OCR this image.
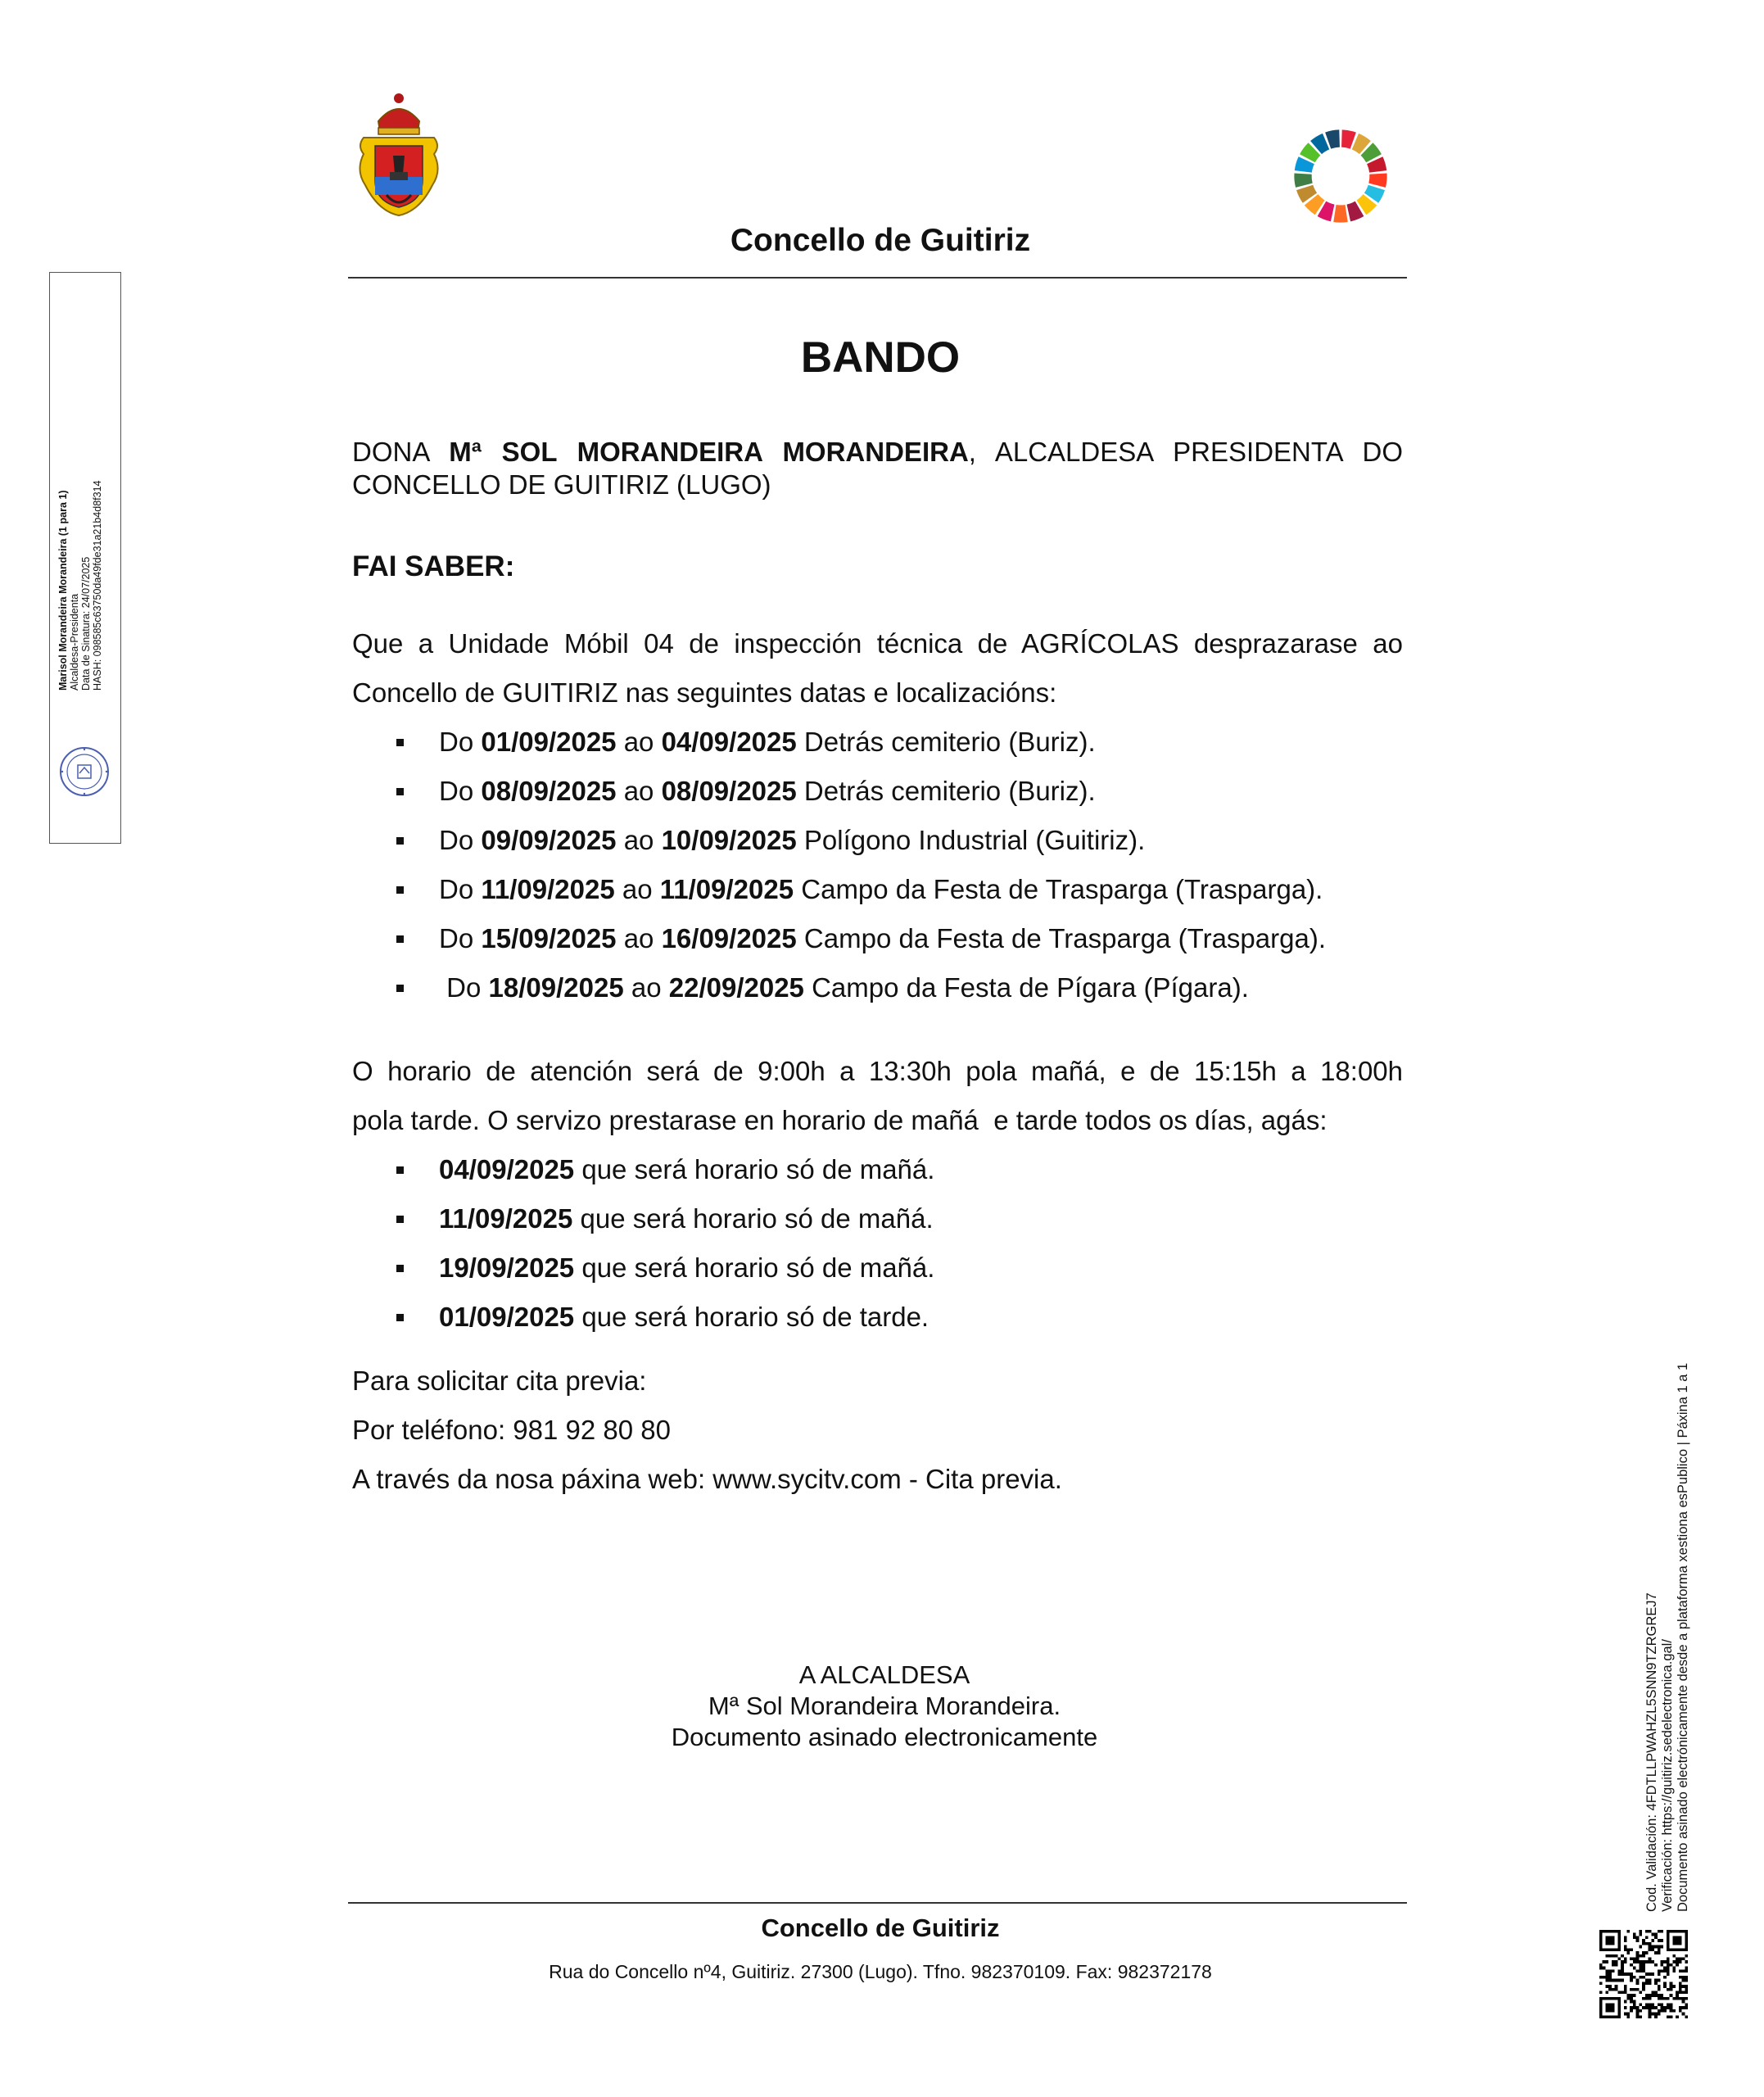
Concello de Guitiriz
BANDO
DONA Mª SOL MORANDEIRA MORANDEIRA, ALCALDESA PRESIDENTA DO
CONCELLO DE GUITIRIZ (LUGO)
FAI SABER:
Que a Unidade Móbil 04 de inspección técnica de AGRÍCOLAS desprazarase ao
Concello de GUITIRIZ nas seguintes datas e localizacións:
Do 01/09/2025 ao 04/09/2025 Detrás cemiterio (Buriz).
Do 08/09/2025 ao 08/09/2025 Detrás cemiterio (Buriz).
Do 09/09/2025 ao 10/09/2025 Polígono Industrial (Guitiriz).
Do 11/09/2025 ao 11/09/2025 Campo da Festa de Trasparga (Trasparga).
Do 15/09/2025 ao 16/09/2025 Campo da Festa de Trasparga (Trasparga).
Do 18/09/2025 ao 22/09/2025 Campo da Festa de Pígara (Pígara).
O horario de atención será de 9:00h a 13:30h pola mañá, e de 15:15h a 18:00h
pola tarde. O servizo prestarase en horario de mañá  e tarde todos os días, agás:
04/09/2025 que será horario só de mañá.
11/09/2025 que será horario só de mañá.
19/09/2025 que será horario só de mañá.
01/09/2025 que será horario só de tarde.
Para solicitar cita previa:
Por teléfono: 981 92 80 80
A través da nosa páxina web: www.sycitv.com - Cita previa.
A ALCALDESA
Mª Sol Morandeira Morandeira.
Documento asinado electronicamente
Concello de Guitiriz
Rua do Concello nº4, Guitiriz. 27300 (Lugo). Tfno. 982370109. Fax: 982372178
Marisol Morandeira Morandeira (1 para 1) Alcaldesa-Presidenta Data de Sinatura: 24/07/2025 HASH: 098585c63750da49fde31a21b4d8f314
Cod. Validación: 4FDTLLPWAHZL5SNN9TZRGREJ7 Verificación: https://guitiriz.sedelectronica.gal/ Documento asinado electrónicamente desde a plataforma xestiona esPublico | Páxina 1 a 1
